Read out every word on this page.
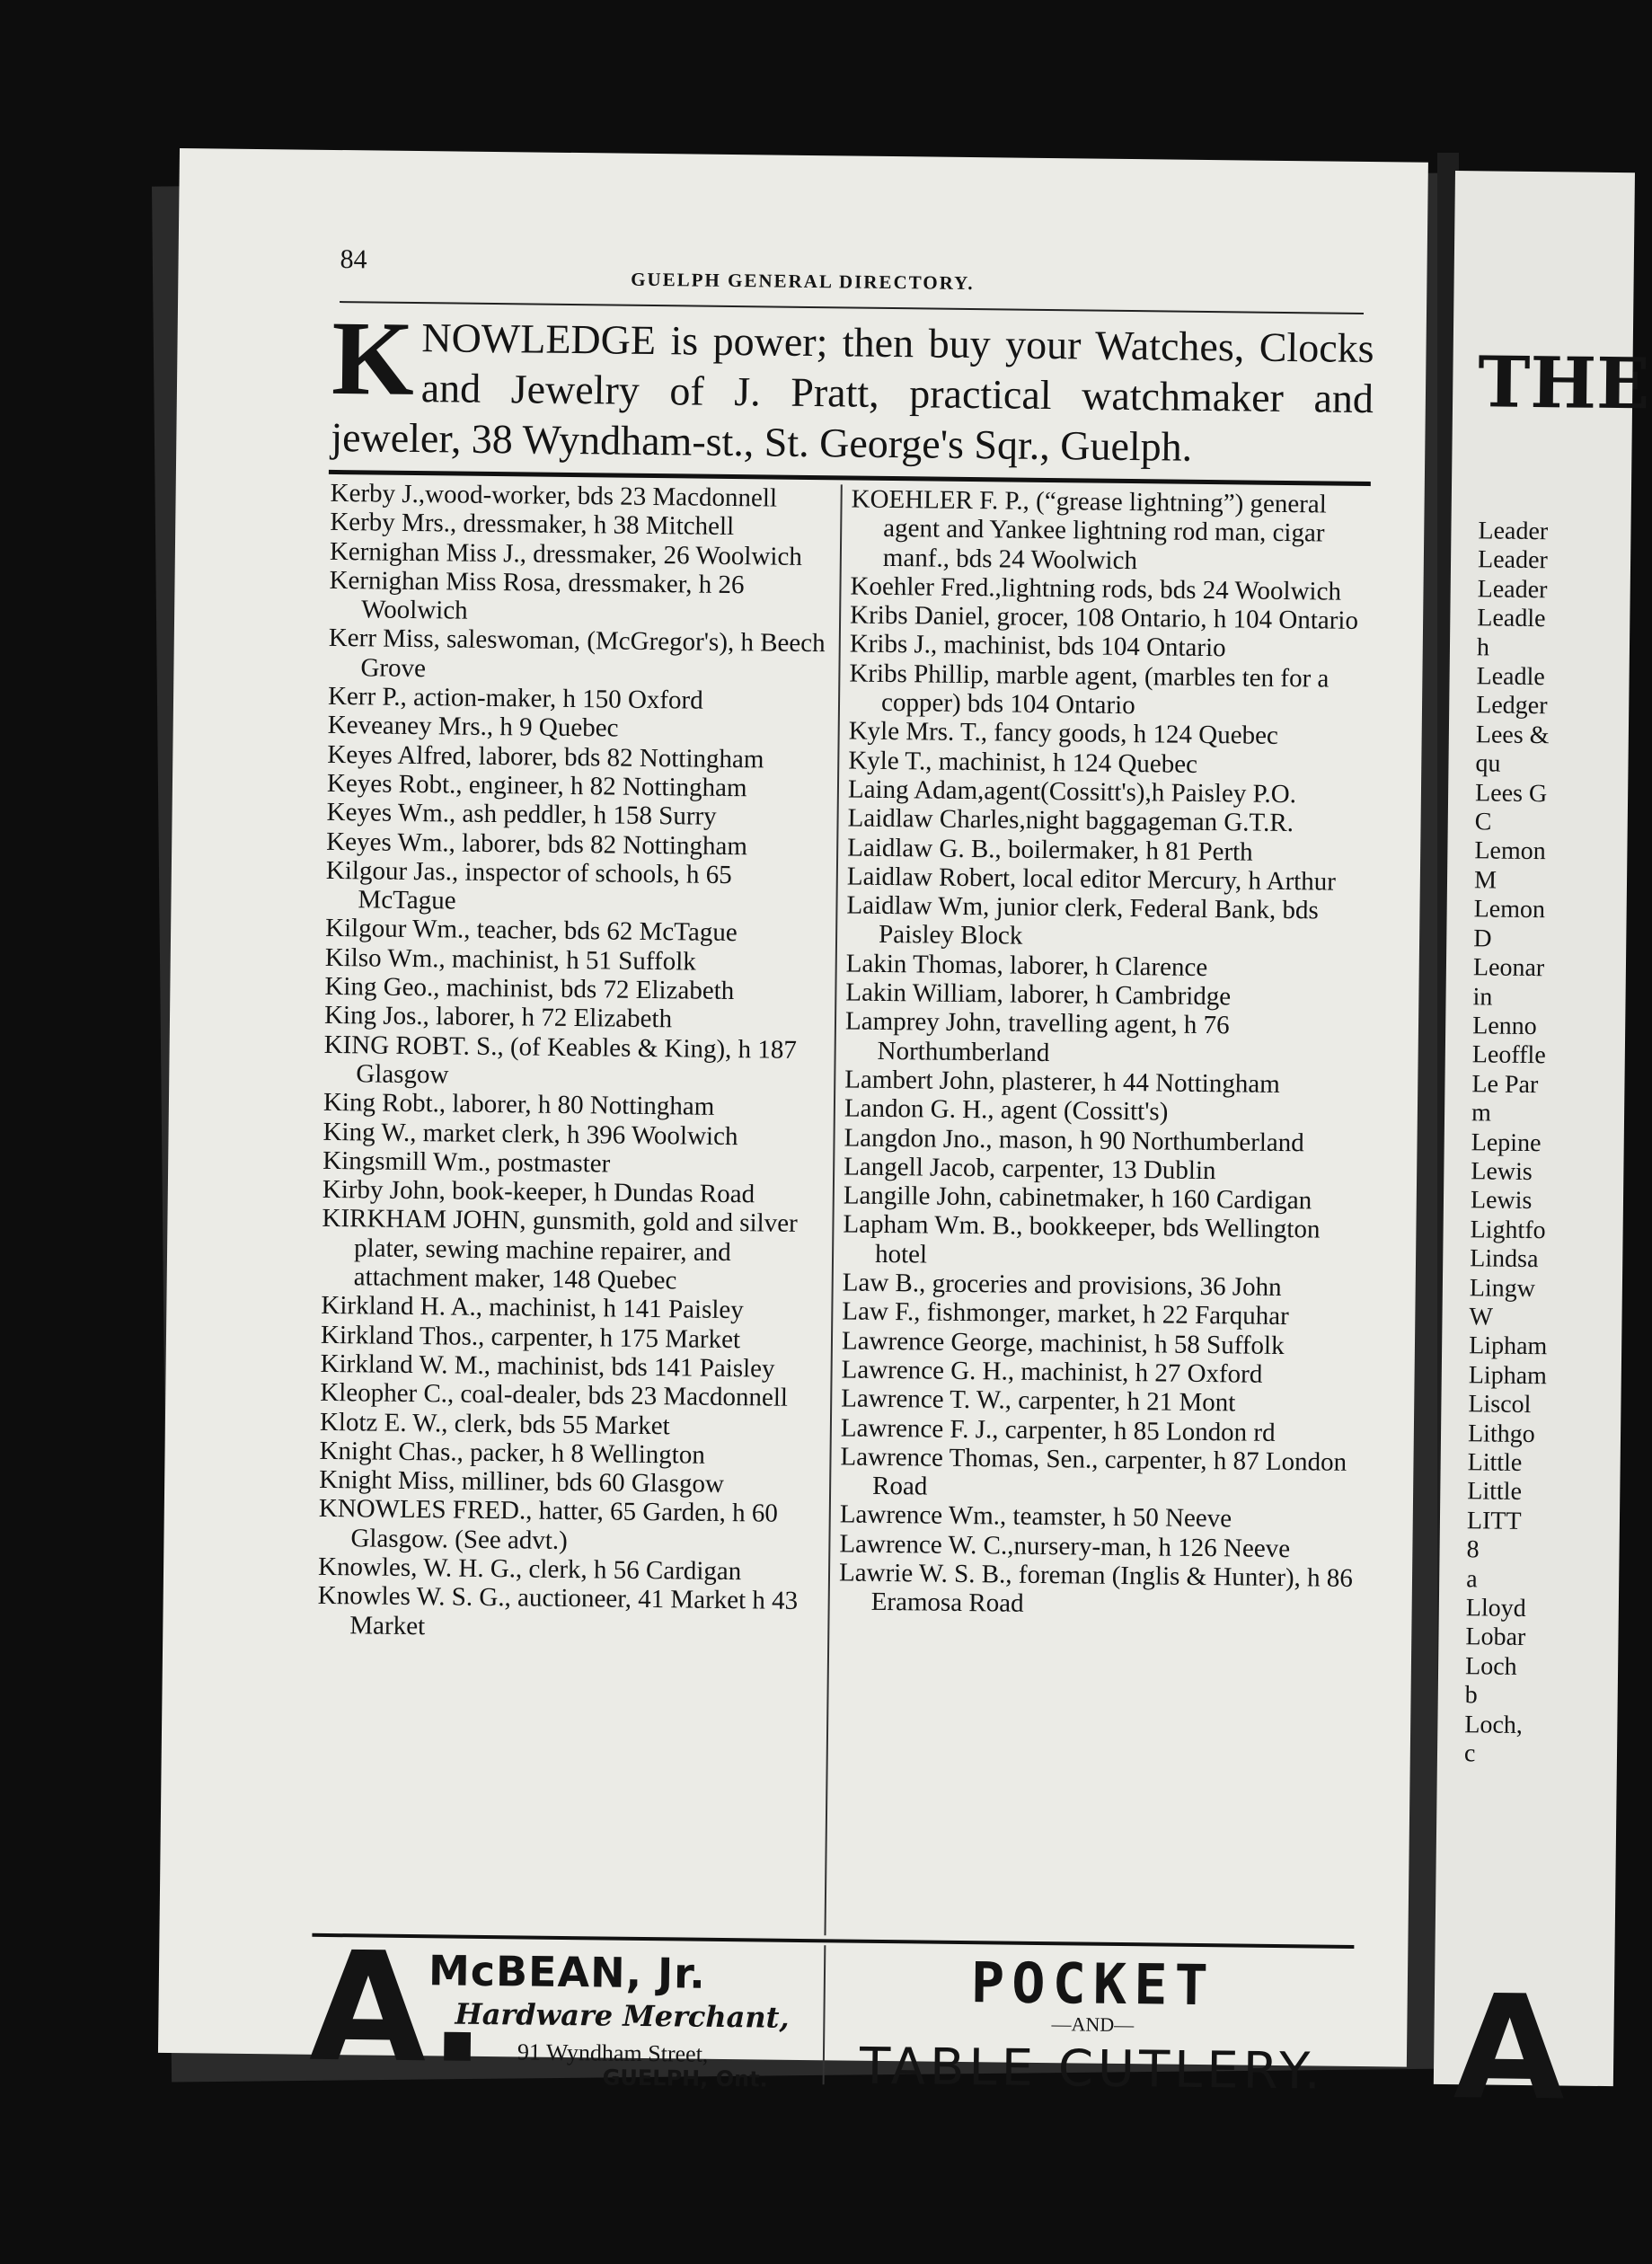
84
GUELPH GENERAL DIRECTORY.
K NOWLEDGE is power; then buy your Watches, Clocks and Jewelry of J. Pratt, practical watchmaker and jeweler, 38 Wyndham-st., St. George's Sqr., Guelph.
Kerby J.,wood-worker, bds 23 Macdonnell
Kerby Mrs., dressmaker, h 38 Mitchell
Kernighan Miss J., dressmaker, 26 Woolwich
Kernighan Miss Rosa, dressmaker, h 26 Woolwich
Kerr Miss, saleswoman, (McGregor's), h Beech Grove
Kerr P., action-maker, h 150 Oxford
Keveaney Mrs., h 9 Quebec
Keyes Alfred, laborer, bds 82 Nottingham
Keyes Robt., engineer, h 82 Nottingham
Keyes Wm., ash peddler, h 158 Surry
Keyes Wm., laborer, bds 82 Nottingham
Kilgour Jas., inspector of schools, h 65 McTague
Kilgour Wm., teacher, bds 62 McTague
Kilso Wm., machinist, h 51 Suffolk
King Geo., machinist, bds 72 Elizabeth
King Jos., laborer, h 72 Elizabeth
KING ROBT. S., (of Keables & King), h 187 Glasgow
King Robt., laborer, h 80 Nottingham
King W., market clerk, h 396 Woolwich
Kingsmill Wm., postmaster
Kirby John, book-keeper, h Dundas Road
KIRKHAM JOHN, gunsmith, gold and silver plater, sewing machine repairer, and attachment maker, 148 Quebec
Kirkland H. A., machinist, h 141 Paisley
Kirkland Thos., carpenter, h 175 Market
Kirkland W. M., machinist, bds 141 Paisley
Kleopher C., coal-dealer, bds 23 Macdonnell
Klotz E. W., clerk, bds 55 Market
Knight Chas., packer, h 8 Wellington
Knight Miss, milliner, bds 60 Glasgow
KNOWLES FRED., hatter, 65 Garden, h 60 Glasgow. (See advt.)
Knowles, W. H. G., clerk, h 56 Cardigan
Knowles W. S. G., auctioneer, 41 Market h 43 Market
KOEHLER F. P., (“grease lightning”) general agent and Yankee lightning rod man, cigar manf., bds 24 Woolwich
Koehler Fred.,lightning rods, bds 24 Woolwich
Kribs Daniel, grocer, 108 Ontario, h 104 Ontario
Kribs J., machinist, bds 104 Ontario
Kribs Phillip, marble agent, (marbles ten for a copper) bds 104 Ontario
Kyle Mrs. T., fancy goods, h 124 Quebec
Kyle T., machinist, h 124 Quebec
Laing Adam,agent(Cossitt's),h Paisley P.O.
Laidlaw Charles,night baggageman G.T.R.
Laidlaw G. B., boilermaker, h 81 Perth
Laidlaw Robert, local editor Mercury, h Arthur
Laidlaw Wm, junior clerk, Federal Bank, bds Paisley Block
Lakin Thomas, laborer, h Clarence
Lakin William, laborer, h Cambridge
Lamprey John, travelling agent, h 76 Northumberland
Lambert John, plasterer, h 44 Nottingham
Landon G. H., agent (Cossitt's)
Langdon Jno., mason, h 90 Northumberland
Langell Jacob, carpenter, 13 Dublin
Langille John, cabinetmaker, h 160 Cardigan
Lapham Wm. B., bookkeeper, bds Wellington hotel
Law B., groceries and provisions, 36 John
Law F., fishmonger, market, h 22 Farquhar
Lawrence George, machinist, h 58 Suffolk
Lawrence G. H., machinist, h 27 Oxford
Lawrence T. W., carpenter, h 21 Mont
Lawrence F. J., carpenter, h 85 London rd
Lawrence Thomas, Sen., carpenter, h 87 London Road
Lawrence Wm., teamster, h 50 Neeve
Lawrence W. C.,nursery-man, h 126 Neeve
Lawrie W. S. B., foreman (Inglis & Hunter), h 86 Eramosa Road
A.
McBEAN, Jr.
Hardware Merchant,
91 Wyndham Street,
GUELPH, Ont.
POCKET
—AND—
TABLE CUTLERY.
THE
Leader
Leader
Leader
Leadle
h
Leadle
Ledger
Lees &
qu
Lees G
C
Lemon
M
Lemon
D
Leonar
in
Lenno
Leoffle
Le Par
m
Lepine
Lewis
Lewis
Lightfo
Lindsa
Lingw
W
Lipham
Lipham
Liscol
Lithgo
Little
Little
LITT
8
a
Lloyd
Lobar
Loch
b
Loch,
c
A
